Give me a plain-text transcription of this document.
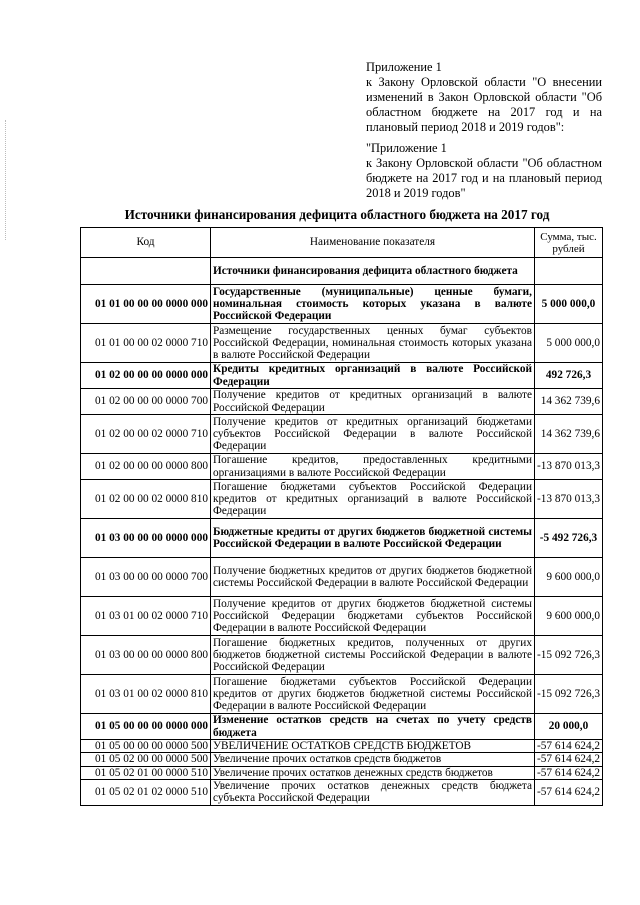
Приложение 1

к Закону Орловской области "О внесении изменений в Закон Орловской области "Об областном бюджете на 2017 год и на плановый период 2018 и 2019 годов":

"Приложение 1

к Закону Орловской области "Об областном бюджете на 2017 год и на плановый период 2018 и 2019 годов"

Источники финансирования дефицита областного бюджета на 2017 год
Код	Наименование показателя	Сумма, тыс. рублей
	Источники финансирования дефицита областного бюджета	
01 01 00 00 00 0000 000	Государственные (муниципальные) ценные бумаги, номинальная стоимость которых указана в валюте Российской Федерации	5 000 000,0
01 01 00 00 02 0000 710	Размещение государственных ценных бумаг субъектов Российской Федерации, номинальная стоимость которых указана в валюте Российской Федерации	5 000 000,0
01 02 00 00 00 0000 000	Кредиты кредитных организаций в валюте Российской Федерации	492 726,3
01 02 00 00 00 0000 700	Получение кредитов от кредитных организаций в валюте Российской Федерации	14 362 739,6
01 02 00 00 02 0000 710	Получение кредитов от кредитных организаций бюджетами субъектов Российской Федерации в валюте Российской Федерации	14 362 739,6
01 02 00 00 00 0000 800	Погашение кредитов, предоставленных кредитными организациями в валюте Российской Федерации	-13 870 013,3
01 02 00 00 02 0000 810	Погашение бюджетами субъектов Российской Федерации кредитов от кредитных организаций в валюте Российской Федерации	-13 870 013,3
01 03 00 00 00 0000 000	Бюджетные кредиты от других бюджетов бюджетной системы Российской Федерации в валюте Российской Федерации	-5 492 726,3
01 03 00 00 00 0000 700	Получение бюджетных кредитов от других бюджетов бюджетной системы Российской Федерации в валюте Российской Федерации	9 600 000,0
01 03 01 00 02 0000 710	Получение кредитов от других бюджетов бюджетной системы Российской Федерации бюджетами субъектов Российской Федерации в валюте Российской Федерации	9 600 000,0
01 03 00 00 00 0000 800	Погашение бюджетных кредитов, полученных от других бюджетов бюджетной системы Российской Федерации в валюте Российской Федерации	-15 092 726,3
01 03 01 00 02 0000 810	Погашение бюджетами субъектов Российской Федерации кредитов от других бюджетов бюджетной системы Российской Федерации в валюте Российской Федерации	-15 092 726,3
01 05 00 00 00 0000 000	Изменение остатков средств на счетах по учету средств бюджета	20 000,0
01 05 00 00 00 0000 500	УВЕЛИЧЕНИЕ ОСТАТКОВ СРЕДСТВ БЮДЖЕТОВ	-57 614 624,2
01 05 02 00 00 0000 500	Увеличение прочих остатков средств бюджетов	-57 614 624,2
01 05 02 01 00 0000 510	Увеличение прочих остатков денежных средств бюджетов	-57 614 624,2
01 05 02 01 02 0000 510	Увеличение прочих остатков денежных средств бюджета субъекта Российской Федерации	-57 614 624,2
